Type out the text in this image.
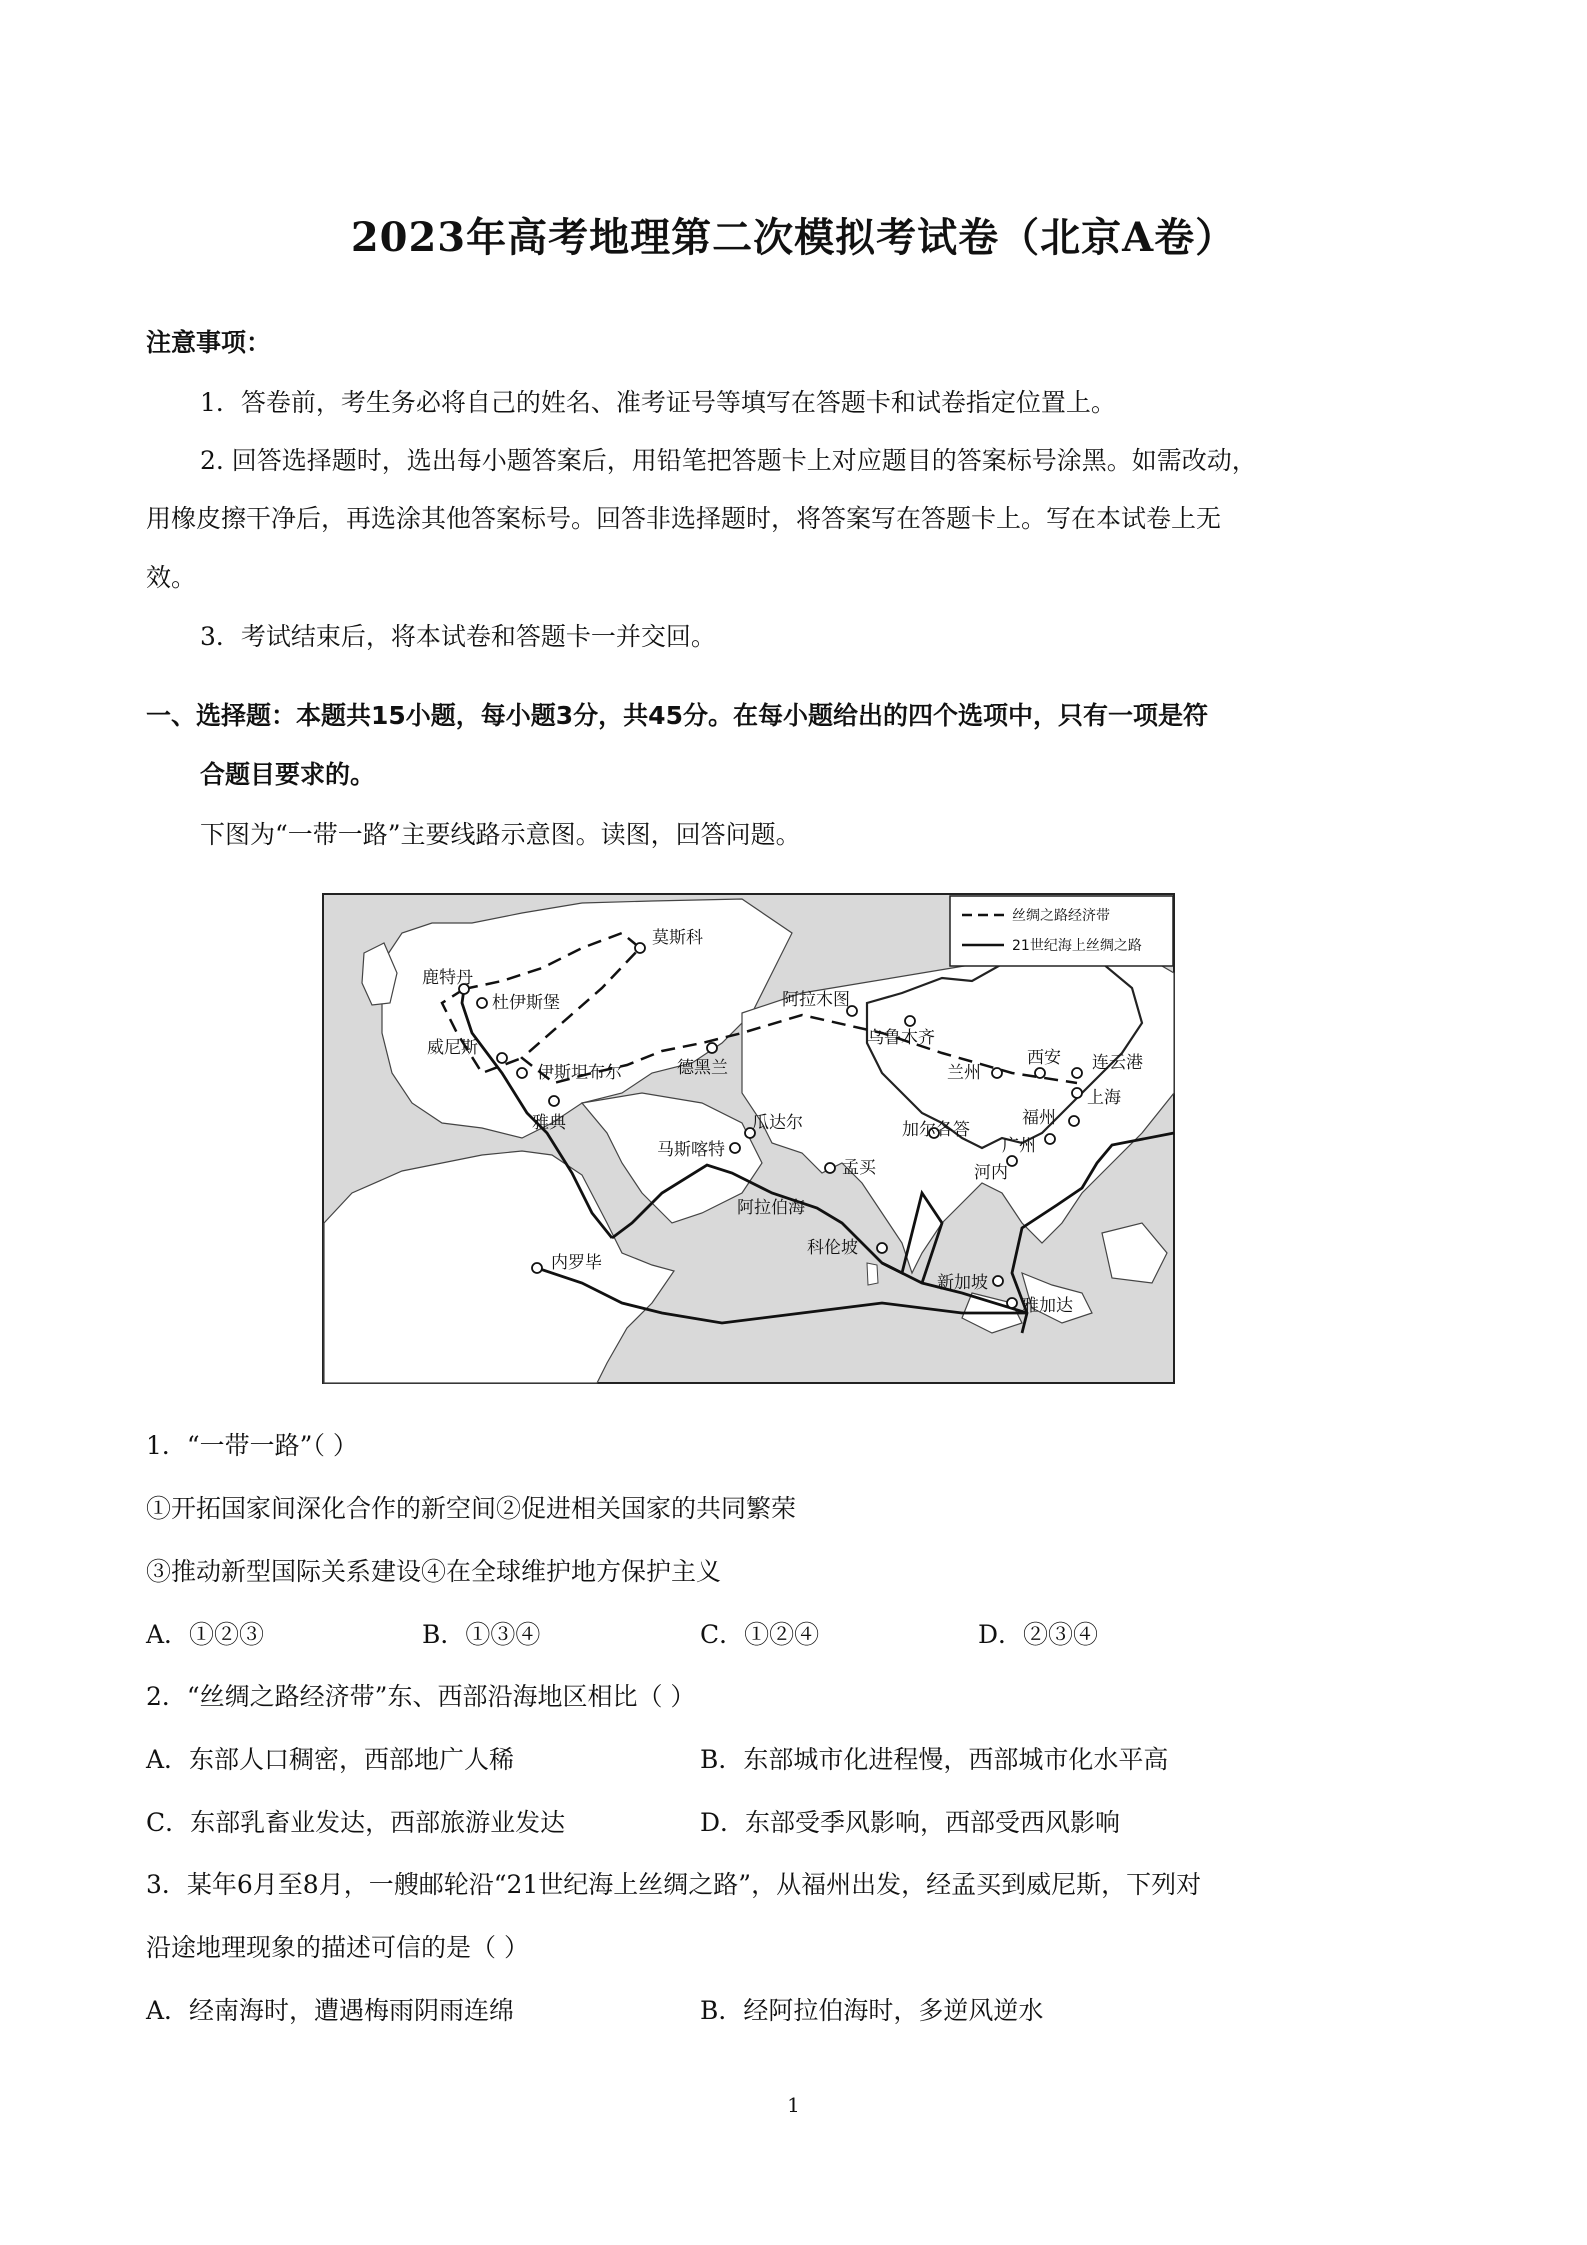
2023年高考地理第二次模拟考试卷（北京A卷）
注意事项：
1．答卷前，考生务必将自己的姓名、准考证号等填写在答题卡和试卷指定位置上。
2. 回答选择题时，选出每小题答案后，用铅笔把答题卡上对应题目的答案标号涂黑。如需改动，
用橡皮擦干净后，再选涂其他答案标号。回答非选择题时，将答案写在答题卡上。写在本试卷上无
效。
3．考试结束后，将本试卷和答题卡一并交回。
一、选择题：本题共15小题，每小题3分，共45分。在每小题给出的四个选项中，只有一项是符
合题目要求的。
下图为“一带一路”主要线路示意图。读图，回答问题。
丝绸之路经济带
21世纪海上丝绸之路
莫斯科
鹿特丹
杜伊斯堡
威尼斯
伊斯坦布尔
雅典
德黑兰
阿拉木图
乌鲁木齐
兰州
西安 连云港
上海
福州
广州
河内
瓜达尔
马斯喀特
加尔各答
孟买
阿拉伯海
科伦坡
内罗毕
新加坡
雅加达
1．“一带一路”（ ）
①开拓国家间深化合作的新空间②促进相关国家的共同繁荣
③推动新型国际关系建设④在全球维护地方保护主义
A．①②③	B．①③④	C．①②④	D．②③④
2．“丝绸之路经济带”东、西部沿海地区相比（ ）
A．东部人口稠密，西部地广人稀	B．东部城市化进程慢，西部城市化水平高
C．东部乳畜业发达，西部旅游业发达	D．东部受季风影响，西部受西风影响
3．某年6月至8月，一艘邮轮沿“21世纪海上丝绸之路”，从福州出发，经孟买到威尼斯，下列对
沿途地理现象的描述可信的是（ ）
A．经南海时，遭遇梅雨阴雨连绵	B．经阿拉伯海时，多逆风逆水
1
